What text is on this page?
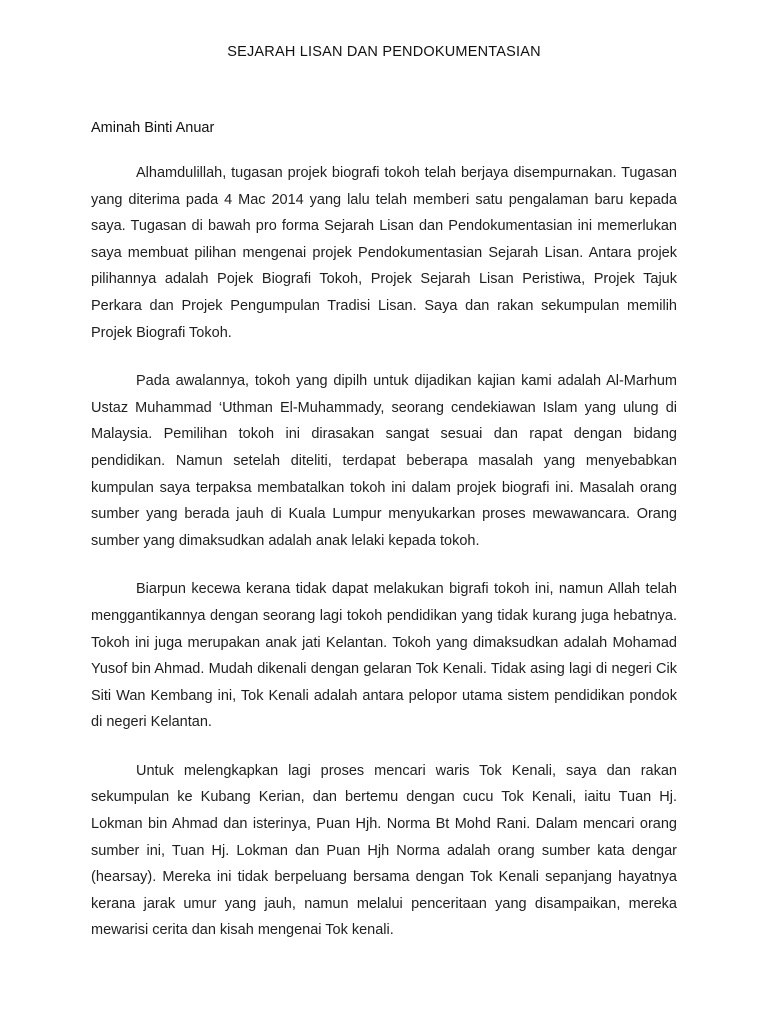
SEJARAH LISAN DAN PENDOKUMENTASIAN
Aminah Binti Anuar

Alhamdulillah, tugasan projek biografi tokoh telah berjaya disempurnakan. Tugasan yang diterima pada 4 Mac 2014 yang lalu telah memberi satu pengalaman baru kepada saya. Tugasan di bawah pro forma Sejarah Lisan dan Pendokumentasian ini memerlukan saya membuat pilihan mengenai projek Pendokumentasian Sejarah Lisan. Antara projek pilihannya adalah Pojek Biografi Tokoh, Projek Sejarah Lisan Peristiwa, Projek Tajuk Perkara dan Projek Pengumpulan Tradisi Lisan. Saya dan rakan sekumpulan memilih Projek Biografi Tokoh.

Pada awalannya, tokoh yang dipilh untuk dijadikan kajian kami adalah Al-Marhum Ustaz Muhammad ‘Uthman El-Muhammady, seorang cendekiawan Islam yang ulung di Malaysia. Pemilihan tokoh ini dirasakan sangat sesuai dan rapat dengan bidang pendidikan. Namun setelah diteliti, terdapat beberapa masalah yang menyebabkan kumpulan saya terpaksa membatalkan tokoh ini dalam projek biografi ini. Masalah orang sumber yang berada jauh di Kuala Lumpur menyukarkan proses mewawancara. Orang sumber yang dimaksudkan adalah anak lelaki kepada tokoh.

Biarpun kecewa kerana tidak dapat melakukan bigrafi tokoh ini, namun Allah telah menggantikannya dengan seorang lagi tokoh pendidikan yang tidak kurang juga hebatnya. Tokoh ini juga merupakan anak jati Kelantan. Tokoh yang dimaksudkan adalah Mohamad Yusof bin Ahmad. Mudah dikenali dengan gelaran Tok Kenali. Tidak asing lagi di negeri Cik Siti Wan Kembang ini, Tok Kenali adalah antara pelopor utama sistem pendidikan pondok di negeri Kelantan.

Untuk melengkapkan lagi proses mencari waris Tok Kenali, saya dan rakan sekumpulan ke Kubang Kerian, dan bertemu dengan cucu Tok Kenali, iaitu Tuan Hj. Lokman bin Ahmad dan isterinya, Puan Hjh. Norma Bt Mohd Rani. Dalam mencari orang sumber ini, Tuan Hj. Lokman dan Puan Hjh Norma adalah orang sumber kata dengar (hearsay). Mereka ini tidak berpeluang bersama dengan Tok Kenali sepanjang hayatnya kerana jarak umur yang jauh, namun melalui penceritaan yang disampaikan, mereka mewarisi cerita dan kisah mengenai Tok kenali.
